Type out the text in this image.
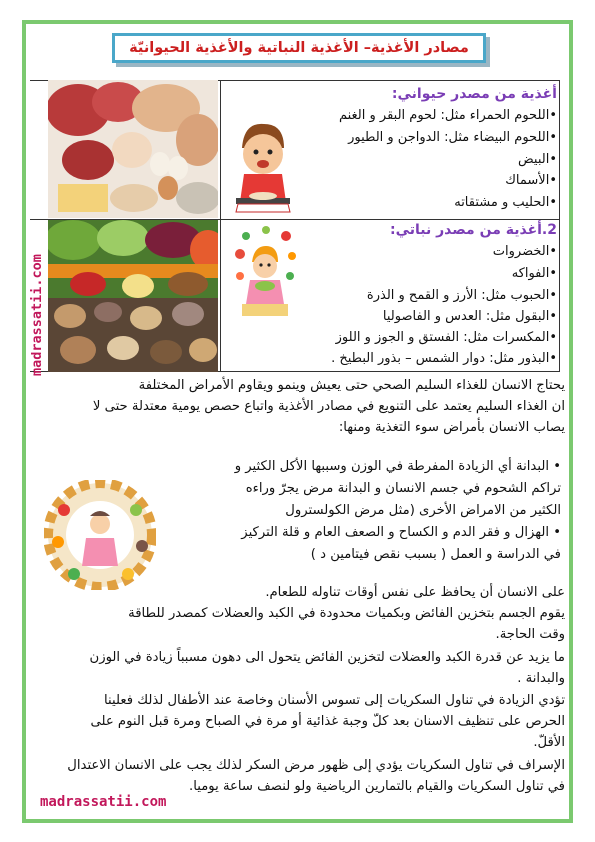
مصادر الأغذية– الأغذية النباتية والأغذية الحيوانيّة
أغذية من مصدر حيواني:
•اللحوم الحمراء مثل: لحوم البقر و الغنم
•اللحوم البيضاء مثل: الدواجن و الطيور
•البيض
•الأسماك
•الحليب و مشتقاته
2.أغذية من مصدر نباتي:
•الخضروات
•الفواكه
•الحبوب مثل: الأرز و القمح و الذرة
•البقول مثل: العدس و الفاصوليا
•المكسرات مثل: الفستق و الجوز و اللوز
•البذور مثل: دوار الشمس – بذور البطيخ .
يحتاج الانسان للغذاء السليم الصحي حتى يعيش وينمو ويقاوم الأمراض المختلفة
ان الغذاء السليم يعتمد على التنويع في مصادر الأغذية واتباع حصص يومية معتدلة حتى لا
يصاب الانسان بأمراض سوء التغذية ومنها:
• البدانة أي الزيادة المفرطة في الوزن وسببها الأكل الكثير و تراكم الشحوم في جسم الانسان و البدانة مرض يجرّ وراءه الكثير من الامراض الأخرى (مثل مرض الكولسترول
• الهزال و فقر الدم و الكساح و الصعف العام و قلة التركيز في الدراسة و العمل ( بسبب نقص فيتامين د )
على الانسان أن يحافظ على نفس أوقات تناوله للطعام.
يقوم الجسم بتخزين الفائض وبكميات محدودة في الكبد والعضلات كمصدر للطاقة
وقت الحاجة.
ما يزيد عن قدرة الكبد والعضلات لتخزين الفائض يتحول الى دهون مسبباً زيادة في الوزن
والبدانة .
تؤدي الزيادة في تناول السكريات إلى تسوس الأسنان وخاصة عند الأطفال لذلك فعلينا
الحرص على تنظيف الاسنان بعد كلّ وجبة غذائية أو مرة في الصباح ومرة قبل النوم على
الأقلّ.
الإسراف في تناول السكريات يؤدي إلى ظهور مرض السكر لذلك يجب على الانسان الاعتدال
في تناول السكريات والقيام بالتمارين الرياضية ولو لنصف ساعة يوميا.
madrassatii.com
madrassatii.com
